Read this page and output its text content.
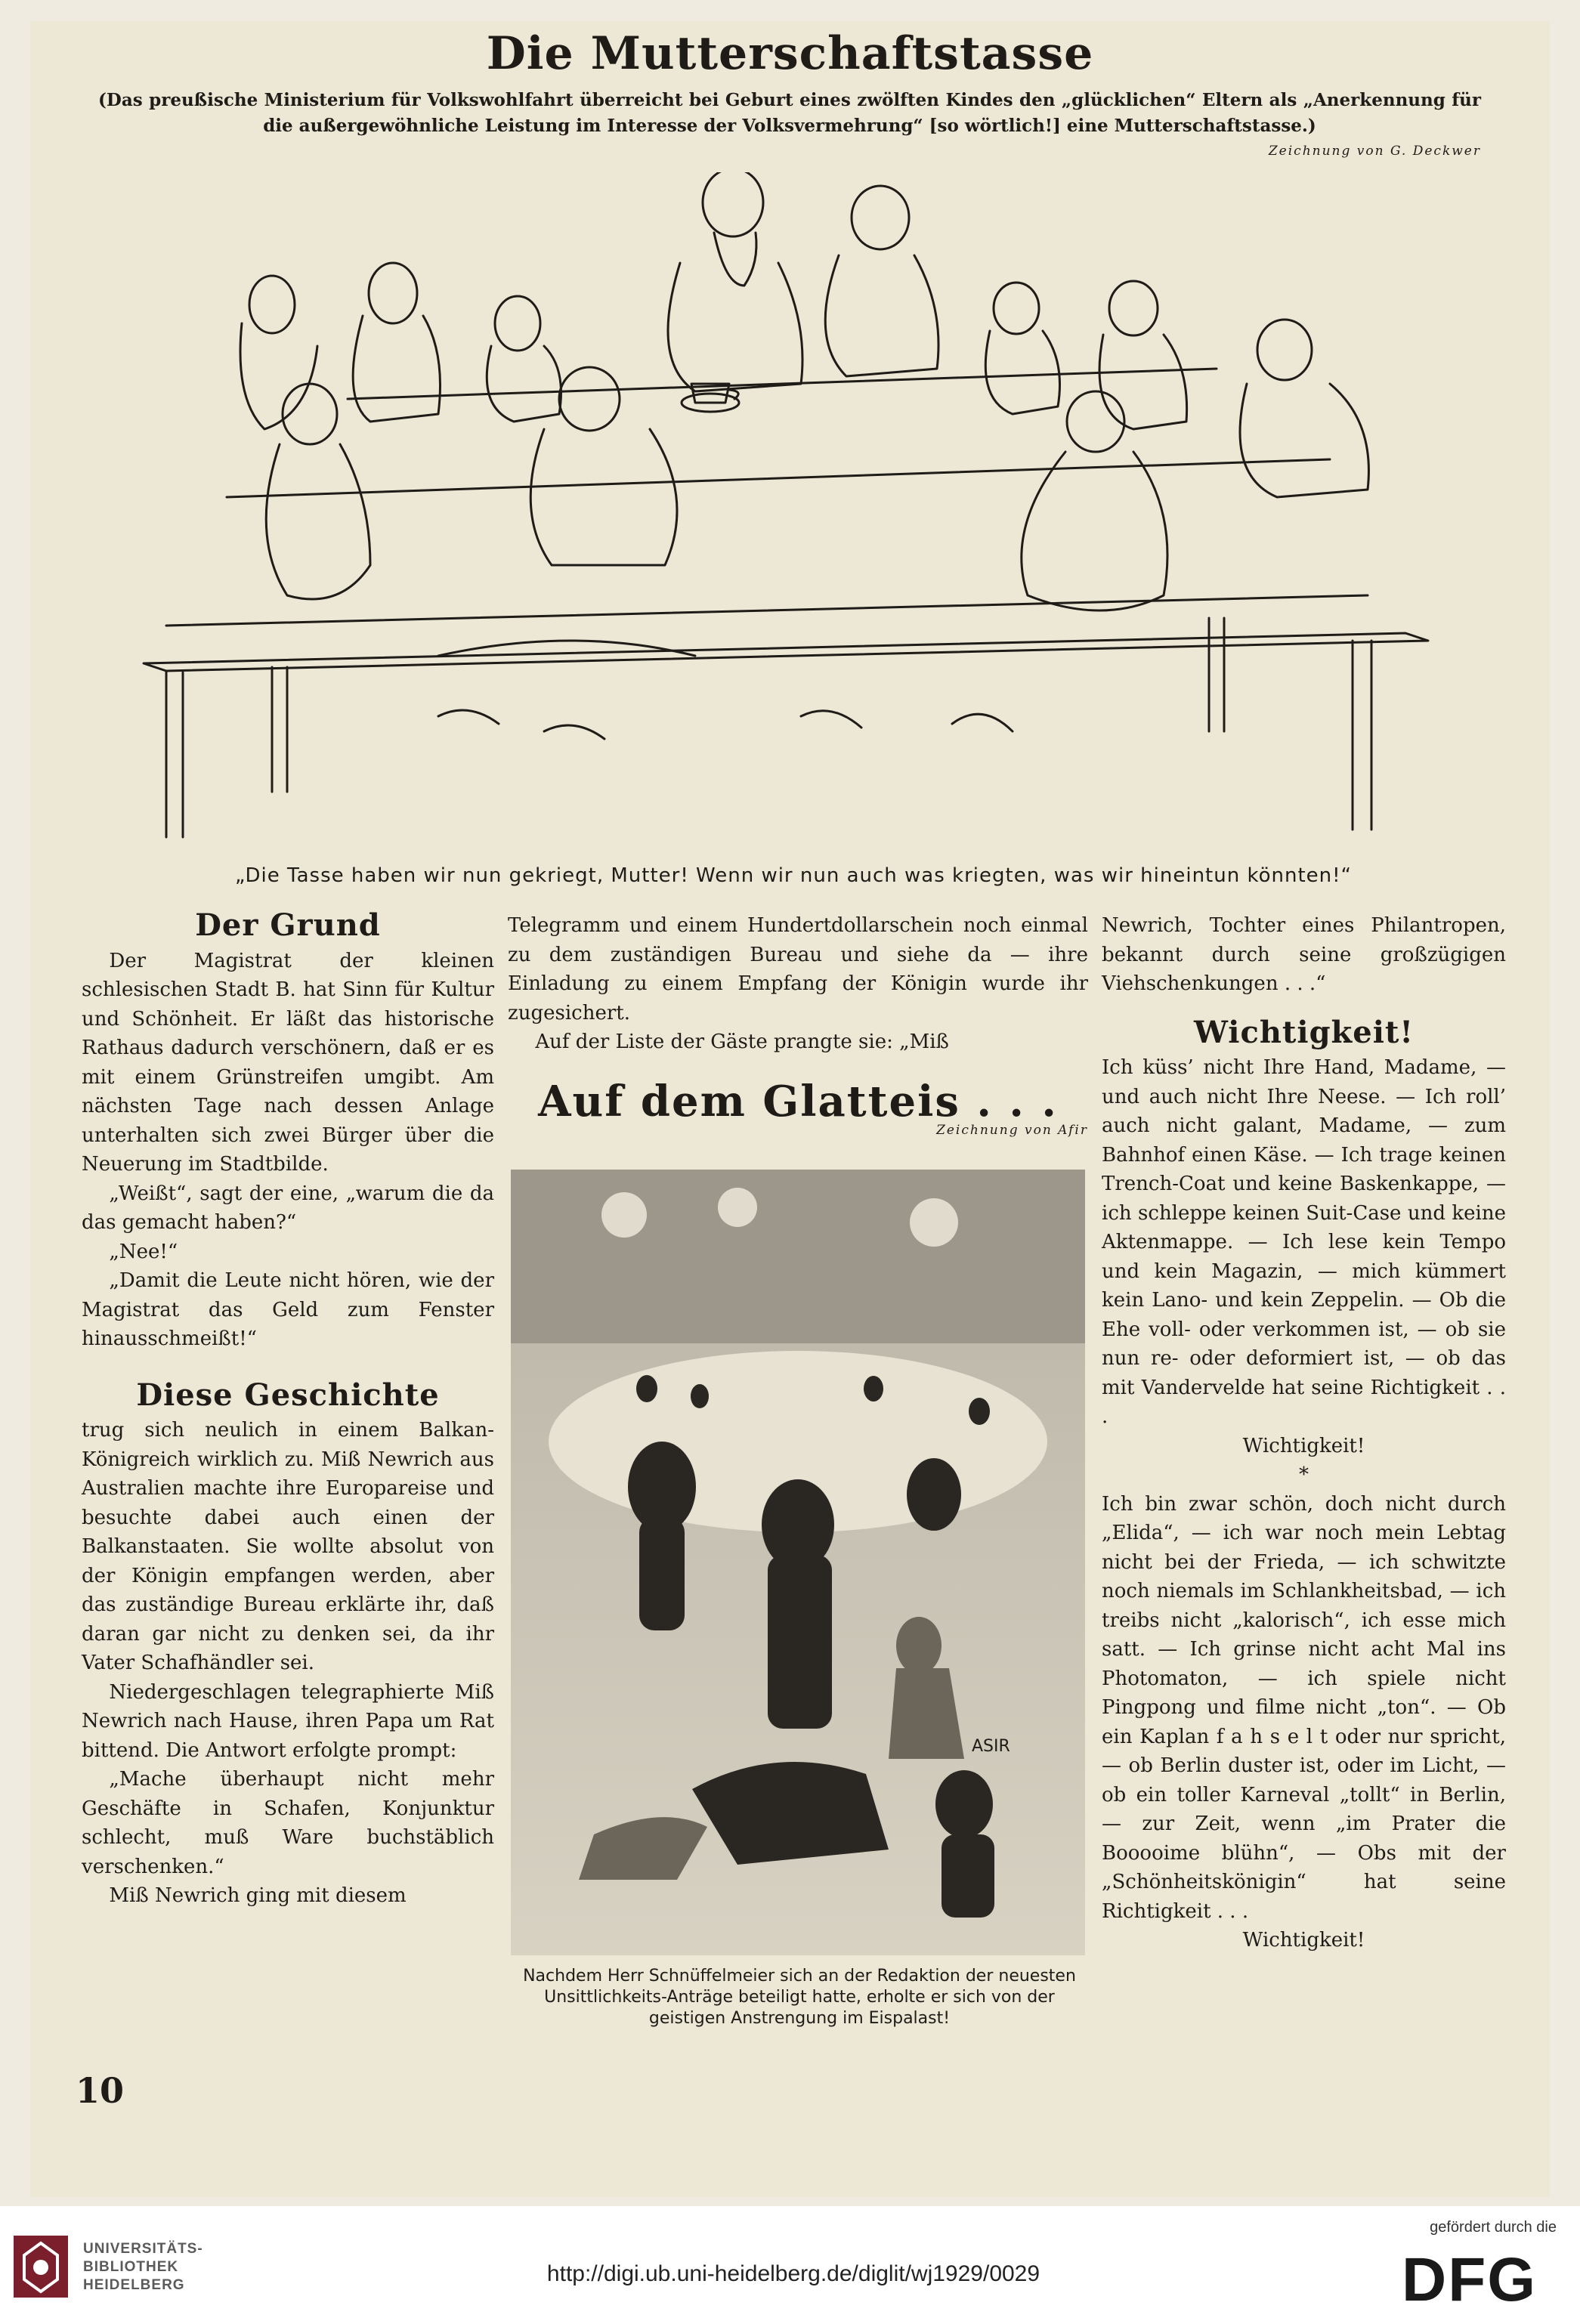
Die Mutterschaftstasse
(Das preußische Ministerium für Volkswohlfahrt überreicht bei Geburt eines zwölften Kindes den „glücklichen“ Eltern als „Anerkennung für die außergewöhnliche Leistung im Interesse der Volksvermehrung“ [so wörtlich!] eine Mutterschaftstasse.)
Zeichnung von G. Deckwer
„Die Tasse haben wir nun gekriegt, Mutter! Wenn wir nun auch was kriegten, was wir hineintun könnten!“
Der Grund

Der Magistrat der kleinen schlesischen Stadt B. hat Sinn für Kultur und Schönheit. Er läßt das historische Rathaus dadurch verschönern, daß er es mit einem Grünstreifen umgibt. Am nächsten Tage nach dessen Anlage unterhalten sich zwei Bürger über die Neuerung im Stadtbilde.

„Weißt“, sagt der eine, „warum die da das gemacht haben?“

„Nee!“

„Damit die Leute nicht hören, wie der Magistrat das Geld zum Fenster hinausschmeißt!“

Diese Geschichte

trug sich neulich in einem Balkan-Königreich wirklich zu. Miß Newrich aus Australien machte ihre Europareise und besuchte dabei auch einen der Balkanstaaten. Sie wollte absolut von der Königin empfangen werden, aber das zuständige Bureau erklärte ihr, daß daran gar nicht zu denken sei, da ihr Vater Schafhändler sei.

Niedergeschlagen telegraphierte Miß Newrich nach Hause, ihren Papa um Rat bittend. Die Antwort erfolgte prompt:

„Mache überhaupt nicht mehr Geschäfte in Schafen, Konjunktur schlecht, muß Ware buchstäblich verschenken.“

Miß Newrich ging mit diesem

Telegramm und einem Hundertdollarschein noch einmal zu dem zuständigen Bureau und siehe da — ihre Einladung zu einem Empfang der Königin wurde ihr zugesichert.

Auf der Liste der Gäste prangte sie: „Miß

Auf dem Glatteis . . .
Zeichnung von Afir
ASIR
Nachdem Herr Schnüffelmeier sich an der Redaktion der neuesten Unsittlichkeits-Anträge beteiligt hatte, erholte er sich von der geistigen Anstrengung im Eispalast!

Newrich, Tochter eines Philantropen, bekannt durch seine großzügigen Viehschenkungen . . .“

Wichtigkeit!

Ich küss’ nicht Ihre Hand, Madame, — und auch nicht Ihre Neese. — Ich roll’ auch nicht galant, Madame, — zum Bahnhof einen Käse. — Ich trage keinen Trench-Coat und keine Baskenkappe, — ich schleppe keinen Suit-Case und keine Aktenmappe. — Ich lese kein Tempo und kein Magazin, — mich kümmert kein Lano- und kein Zeppelin. — Ob die Ehe voll- oder verkommen ist, — ob sie nun re- oder deformiert ist, — ob das mit Vandervelde hat seine Richtigkeit . . .

Wichtigkeit!

*

Ich bin zwar schön, doch nicht durch „Elida“, — ich war noch mein Lebtag nicht bei der Frieda, — ich schwitzte noch niemals im Schlankheitsbad, — ich treibs nicht „kalorisch“, ich esse mich satt. — Ich grinse nicht acht Mal ins Photomaton, — ich spiele nicht Pingpong und filme nicht „ton“. — Ob ein Kaplan f a h s e l t oder nur spricht, — ob Berlin duster ist, oder im Licht, — ob ein toller Karneval „tollt“ in Berlin, — zur Zeit, wenn „im Prater die Booooime blühn“, — Obs mit der „Schönheitskönigin“ hat seine Richtigkeit . . .

Wichtigkeit!

10
UNIVERSITÄTS-
BIBLIOTHEK
HEIDELBERG	http://digi.ub.uni-heidelberg.de/diglit/wj1929/0029
gefördert durch die
DFG
